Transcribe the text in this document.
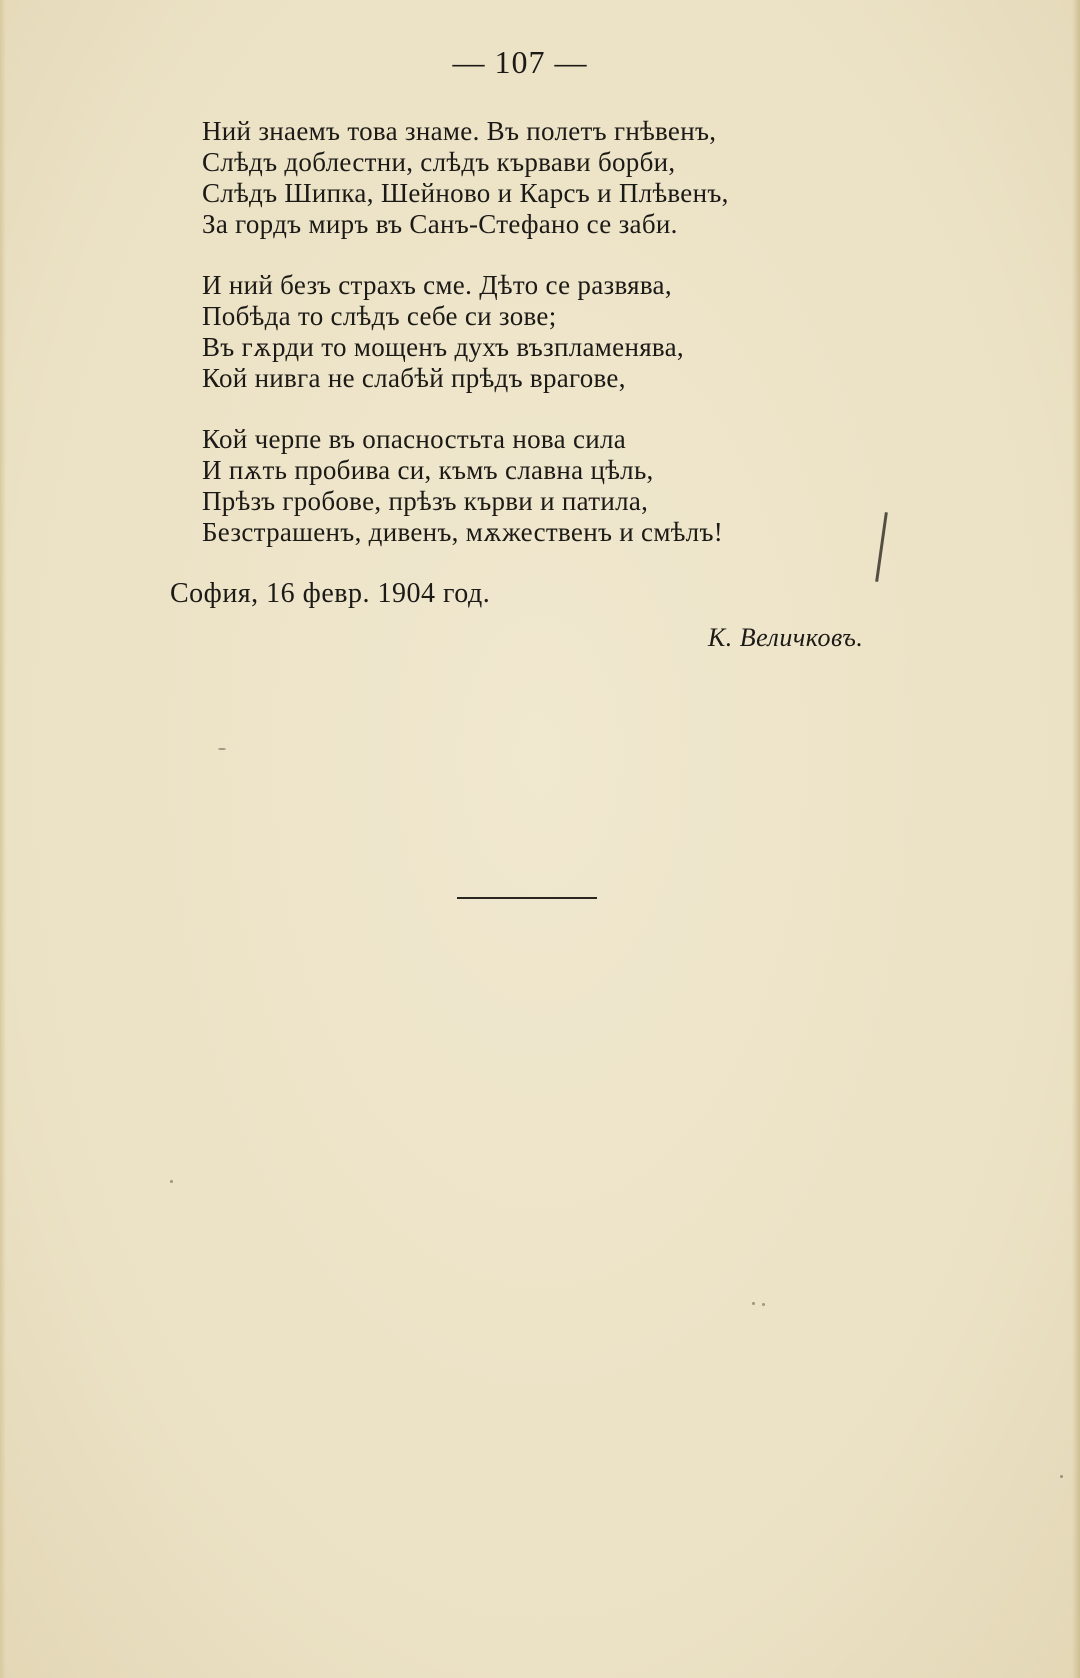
— 107 —
Ний знаемъ това знаме. Въ полетъ гнѣвенъ,
Слѣдъ доблестни, слѣдъ кървави борби,
Слѣдъ Шипка, Шейново и Карсъ и Плѣвенъ,
За гордъ миръ въ Санъ-Стефано се заби.
И ний безъ страхъ сме. Дѣто се развява,
Побѣда то слѣдъ себе си зове;
Въ гѫрди то мощенъ духъ възпламенява,
Кой нивга не слабѣй прѣдъ врагове,
Кой черпе въ опасностьта нова сила
И пѫть пробива си, къмъ славна цѣль,
Прѣзъ гробове, прѣзъ кърви и патила,
Безстрашенъ, дивенъ, мѫжественъ и смѣлъ!
София, 16 февр. 1904 год.
К. Величковъ.
